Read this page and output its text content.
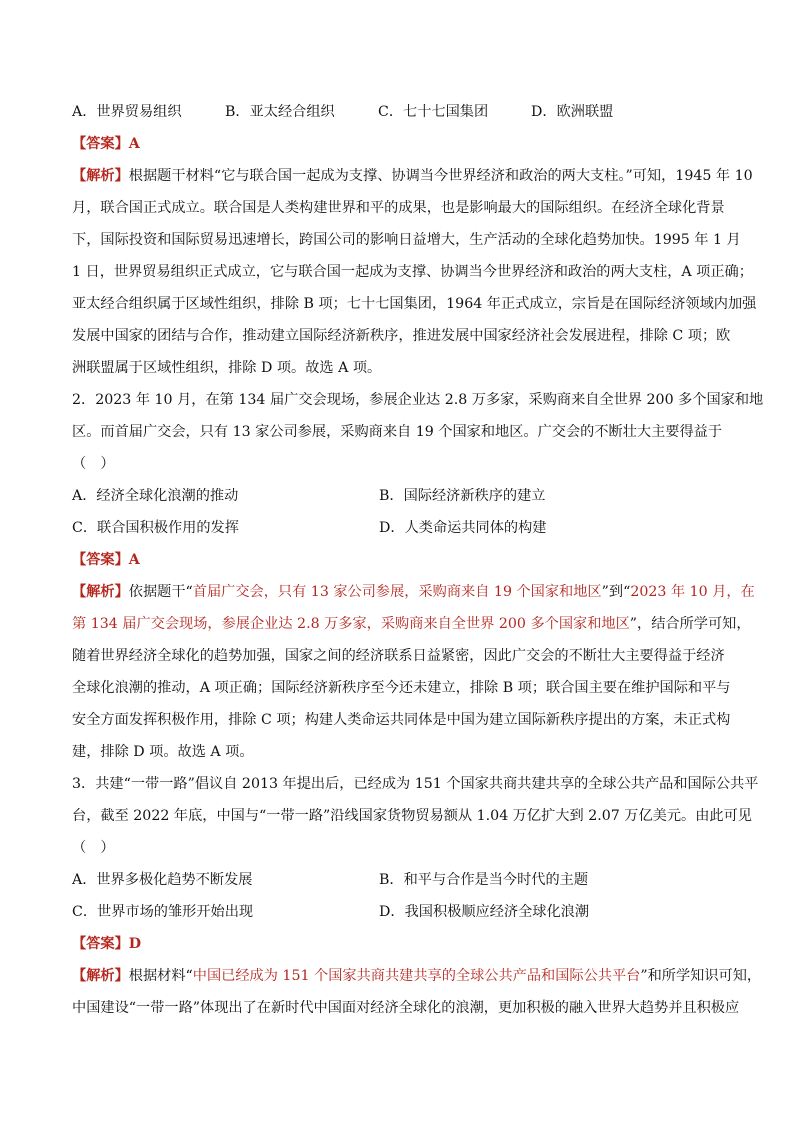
A．世界贸易组织	B．亚太经合组织	C．七十七国集团	D．欧洲联盟
【答案】A
【解析】根据题干材料“它与联合国一起成为支撑、协调当今世界经济和政治的两大支柱。”可知，1945 年 10
月，联合国正式成立。联合国是人类构建世界和平的成果，也是影响最大的国际组织。在经济全球化背景
下，国际投资和国际贸易迅速增长，跨国公司的影响日益增大，生产活动的全球化趋势加快。1995 年 1 月
1 日，世界贸易组织正式成立，它与联合国一起成为支撑、协调当今世界经济和政治的两大支柱，A 项正确；
亚太经合组织属于区域性组织，排除 B 项；七十七国集团，1964 年正式成立，宗旨是在国际经济领域内加强
发展中国家的团结与合作，推动建立国际经济新秩序，推进发展中国家经济社会发展进程，排除 C 项；欧
洲联盟属于区域性组织，排除 D 项。故选 A 项。
2．2023 年 10 月，在第 134 届广交会现场，参展企业达 2.8 万多家，采购商来自全世界 200 多个国家和地
区。而首届广交会，只有 13 家公司参展，采购商来自 19 个国家和地区。广交会的不断壮大主要得益于
（　）
A．经济全球化浪潮的推动	B．国际经济新秩序的建立
C．联合国积极作用的发挥	D．人类命运共同体的构建
【答案】A
【解析】依据题干“首届广交会，只有 13 家公司参展，采购商来自 19 个国家和地区”到“2023 年 10 月，在
第 134 届广交会现场，参展企业达 2.8 万多家，采购商来自全世界 200 多个国家和地区”，结合所学可知，
随着世界经济全球化的趋势加强，国家之间的经济联系日益紧密，因此广交会的不断壮大主要得益于经济
全球化浪潮的推动，A 项正确；国际经济新秩序至今还未建立，排除 B 项；联合国主要在维护国际和平与
安全方面发挥积极作用，排除 C 项；构建人类命运共同体是中国为建立国际新秩序提出的方案，未正式构
建，排除 D 项。故选 A 项。
3．共建“一带一路”倡议自 2013 年提出后，已经成为 151 个国家共商共建共享的全球公共产品和国际公共平
台，截至 2022 年底，中国与“一带一路”沿线国家货物贸易额从 1.04 万亿扩大到 2.07 万亿美元。由此可见
（　）
A．世界多极化趋势不断发展	B．和平与合作是当今时代的主题
C．世界市场的雏形开始出现	D．我国积极顺应经济全球化浪潮
【答案】D
【解析】根据材料“中国已经成为 151 个国家共商共建共享的全球公共产品和国际公共平台”和所学知识可知，
中国建设“一带一路”体现出了在新时代中国面对经济全球化的浪潮，更加积极的融入世界大趋势并且积极应
